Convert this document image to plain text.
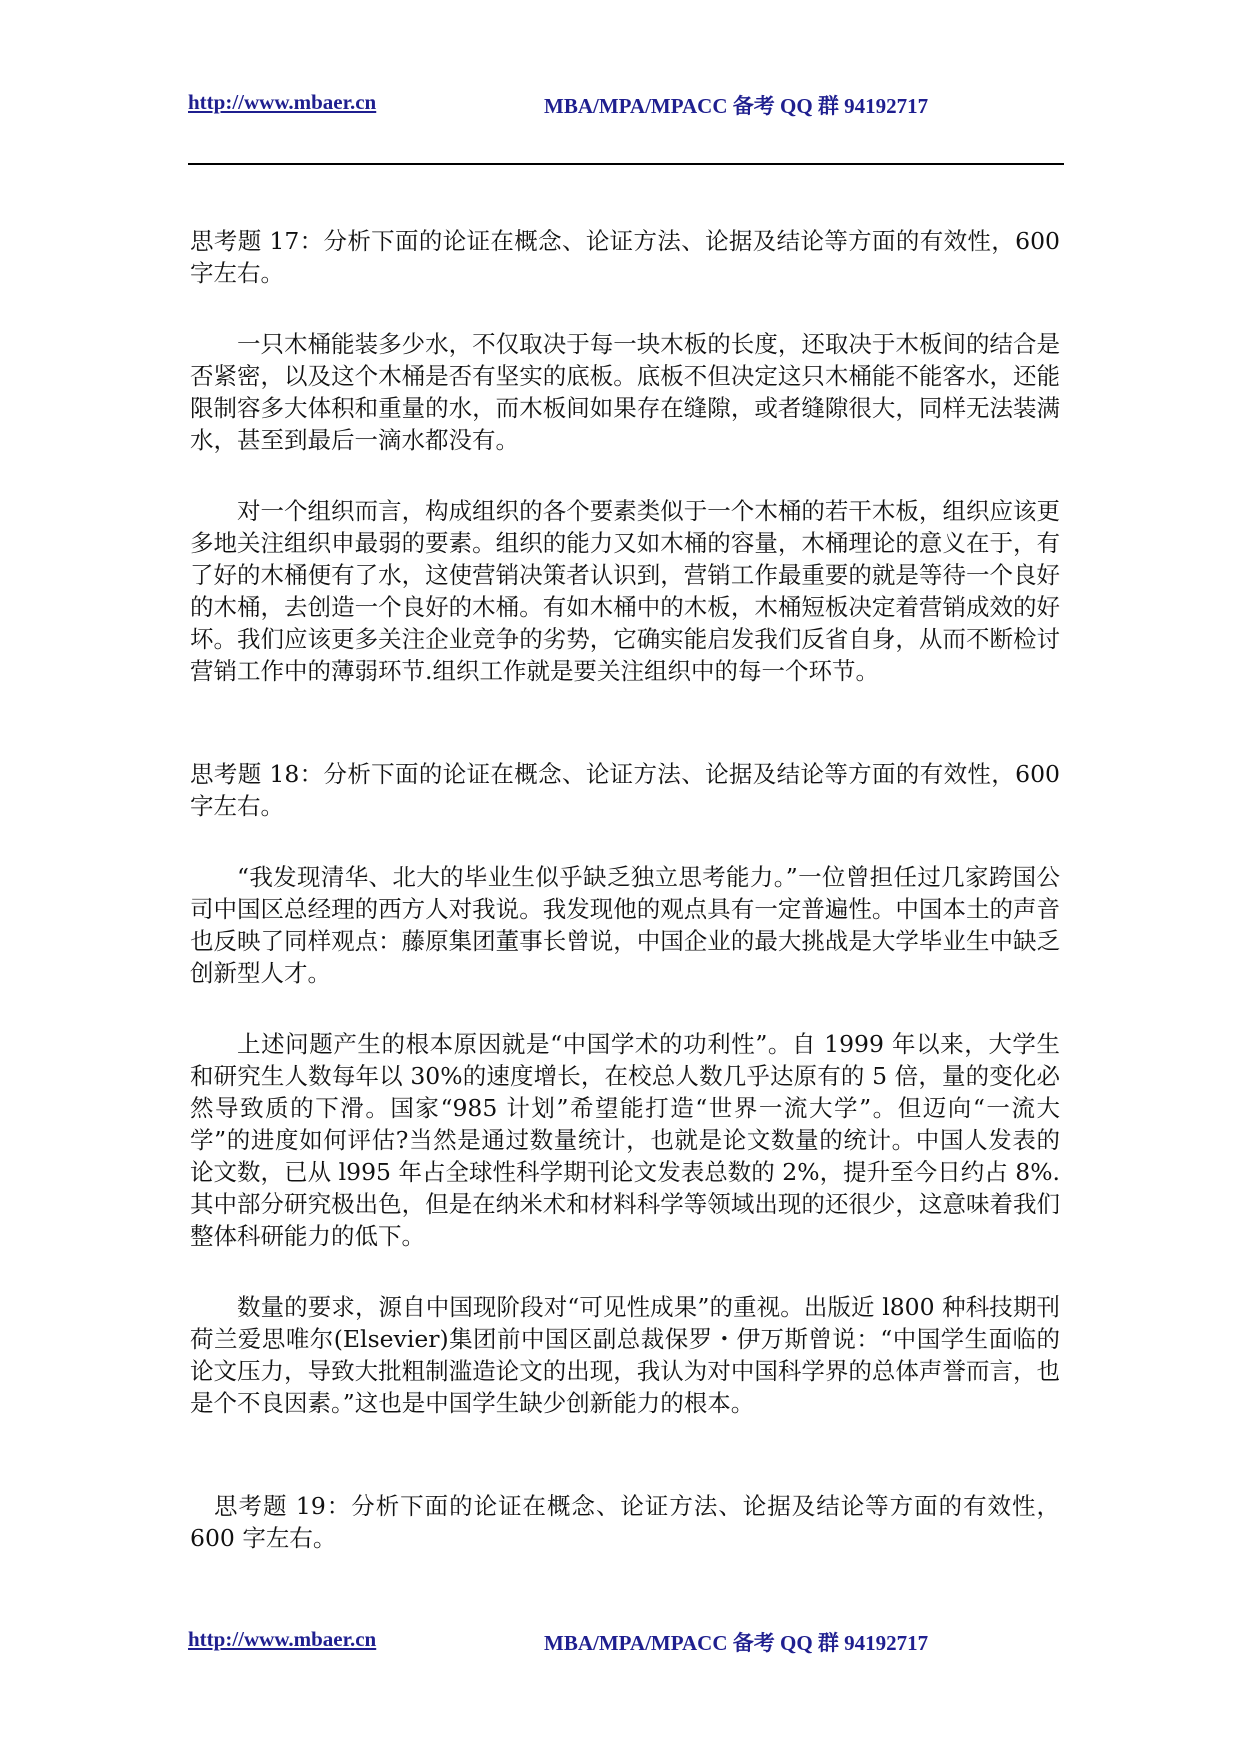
http://www.mbaer.cn	MBA/MPA/MPACC 备考 QQ 群 94192717

思考题 17：分析下面的论证在概念、论证方法、论据及结论等方面的有效性，600字左右。

一只木桶能装多少水，不仅取决于每一块木板的长度，还取决于木板间的结合是否紧密，以及这个木桶是否有坚实的底板。底板不但决定这只木桶能不能客水，还能限制容多大体积和重量的水，而木板间如果存在缝隙，或者缝隙很大，同样无法装满水，甚至到最后一滴水都没有。

对一个组织而言，构成组织的各个要素类似于一个木桶的若干木板，组织应该更多地关注组织申最弱的要素。组织的能力又如木桶的容量，木桶理论的意义在于，有了好的木桶便有了水，这使营销决策者认识到，营销工作最重要的就是等待一个良好的木桶，去创造一个良好的木桶。有如木桶中的木板，木桶短板决定着营销成效的好坏。我们应该更多关注企业竞争的劣势，它确实能启发我们反省自身，从而不断检讨营销工作中的薄弱环节.组织工作就是要关注组织中的每一个环节。

思考题 18：分析下面的论证在概念、论证方法、论据及结论等方面的有效性，600字左右。

“我发现清华、北大的毕业生似乎缺乏独立思考能力。”一位曾担任过几家跨国公司中国区总经理的西方人对我说。我发现他的观点具有一定普遍性。中国本土的声音也反映了同样观点：藤原集团董事长曾说，中国企业的最大挑战是大学毕业生中缺乏创新型人才。

上述问题产生的根本原因就是“中国学术的功利性”。自 1999 年以来，大学生和研究生人数每年以 30%的速度增长，在校总人数几乎达原有的 5 倍，量的变化必然导致质的下滑。国家“985 计划”希望能打造“世界一流大学”。但迈向“一流大学”的进度如何评估?当然是通过数量统计，也就是论文数量的统计。中国人发表的论文数，已从 l995 年占全球性科学期刊论文发表总数的 2%，提升至今日约占 8%.其中部分研究极出色，但是在纳米术和材料科学等领域出现的还很少，这意味着我们整体科研能力的低下。

数量的要求，源自中国现阶段对“可见性成果”的重视。出版近 l800 种科技期刊荷兰爱思唯尔(Elsevier)集团前中国区副总裁保罗・伊万斯曾说：“中国学生面临的论文压力，导致大批粗制滥造论文的出现，我认为对中国科学界的总体声誉而言，也是个不良因素。”这也是中国学生缺少创新能力的根本。

思考题 19：分析下面的论证在概念、论证方法、论据及结论等方面的有效性，600 字左右。

http://www.mbaer.cn	MBA/MPA/MPACC 备考 QQ 群 94192717
